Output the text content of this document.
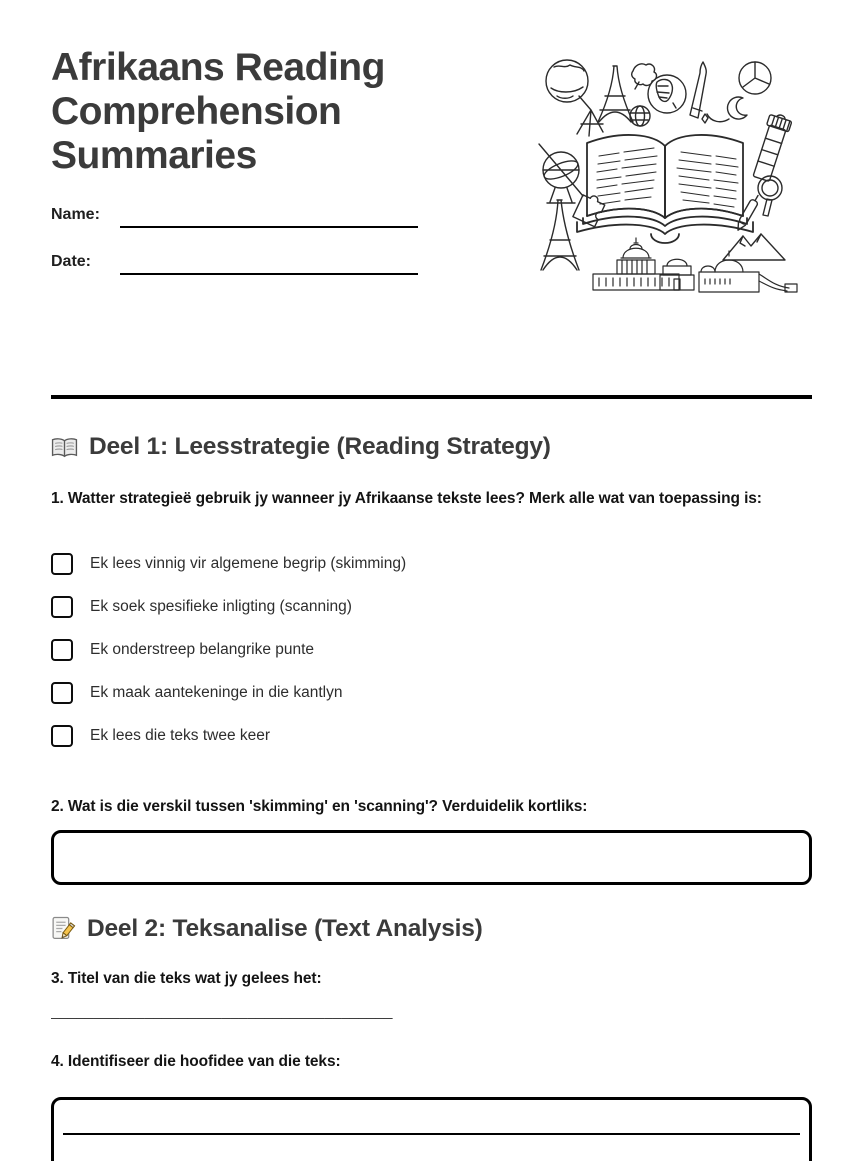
Afrikaans Reading Comprehension Summaries
Name:
Date:
Deel 1: Leesstrategie (Reading Strategy)

1. Watter strategieë gebruik jy wanneer jy Afrikaanse tekste lees? Merk alle wat van toepassing is:

Ek lees vinnig vir algemene begrip (skimming)
Ek soek spesifieke inligting (scanning)
Ek onderstreep belangrike punte
Ek maak aantekeninge in die kantlyn
Ek lees die teks twee keer

2. Wat is die verskil tussen 'skimming' en 'scanning'? Verduidelik kortliks:

Deel 2: Teksanalise (Text Analysis)

3. Titel van die teks wat jy gelees het:

________________________________________

4. Identifiseer die hoofidee van die teks:
